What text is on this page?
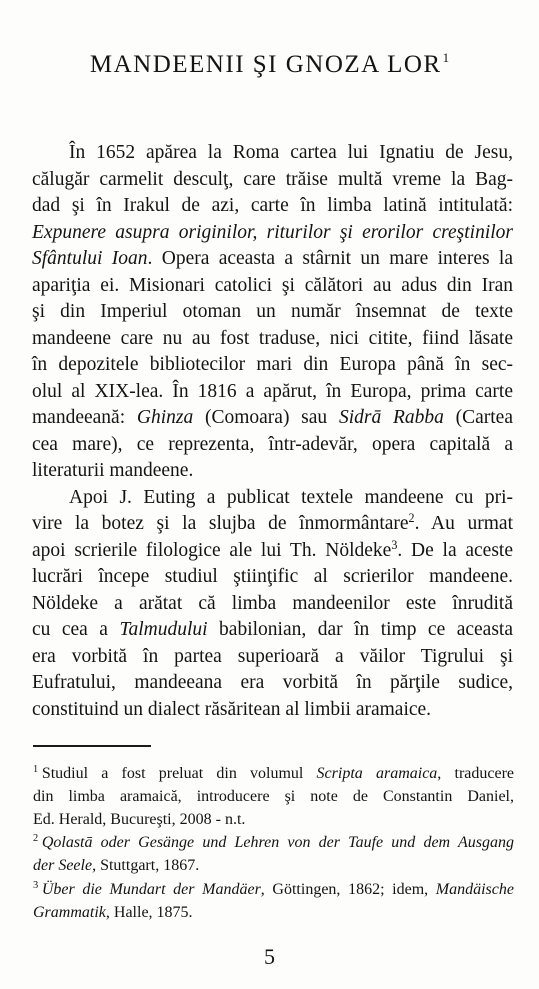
MANDEENII ŞI GNOZA LOR$^1$
În 1652 apărea la Roma cartea lui Ignatiu de Jesu,
călugăr carmelit desculţ, care trăise multă vreme la Bag-
dad şi în Irakul de azi, carte în limba latină intitulată:
Expunere asupra originilor, riturilor şi erorilor creştinilor
Sfântului Ioan. Opera aceasta a stârnit un mare interes la
apariţia ei. Misionari catolici şi călători au adus din Iran
şi din Imperiul otoman un număr însemnat de texte
mandeene care nu au fost traduse, nici citite, fiind lăsate
în depozitele bibliotecilor mari din Europa până în sec-
olul al XIX-lea. În 1816 a apărut, în Europa, prima carte
mandeeană: Ghinza (Comoara) sau Sidrā Rabba (Cartea
cea mare), ce reprezenta, într-adevăr, opera capitală a
literaturii mandeene.
Apoi J. Euting a publicat textele mandeene cu pri-
vire la botez şi la slujba de înmormântare$^2$. Au urmat
apoi scrierile filologice ale lui Th. Nöldeke$^3$. De la aceste
lucrări începe studiul ştiinţific al scrierilor mandeene.
Nöldeke a arătat că limba mandeenilor este înrudită
cu cea a Talmudului babilonian, dar în timp ce aceasta
era vorbită în partea superioară a văilor Tigrului şi
Eufratului, mandeeana era vorbită în părţile sudice,
constituind un dialect răsăritean al limbii aramaice.
$^1$ Studiul a fost preluat din volumul Scripta aramaica, traducere
din limba aramaică, introducere şi note de Constantin Daniel,
Ed. Herald, Bucureşti, 2008 - n.t.
$^2$ Qolastā oder Gesänge und Lehren von der Taufe und dem Ausgang
der Seele, Stuttgart, 1867.
$^3$ Über die Mundart der Mandäer, Göttingen, 1862; idem, Mandäische
Grammatik, Halle, 1875.
5
